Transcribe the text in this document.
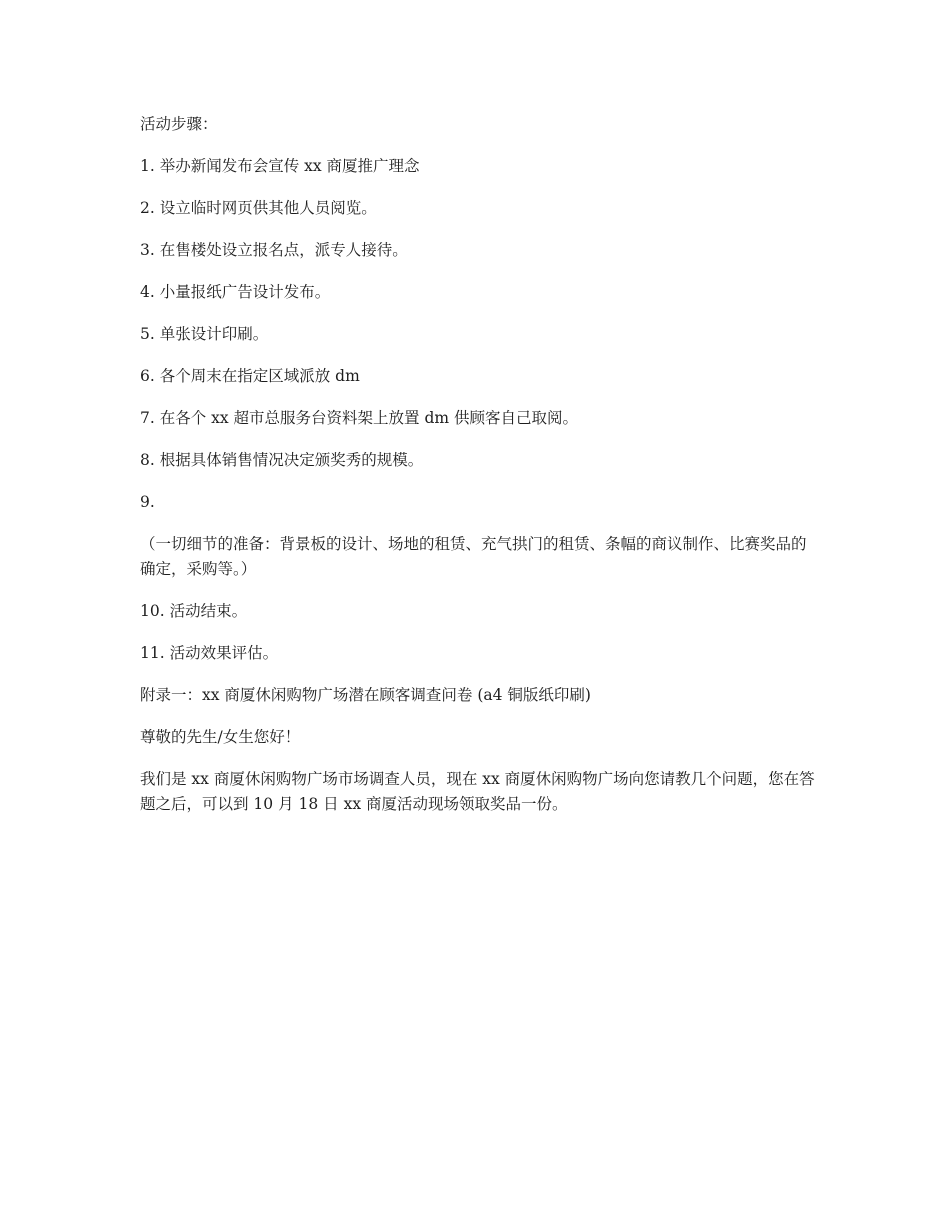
活动步骤：

1. 举办新闻发布会宣传 xx 商厦推广理念

2. 设立临时网页供其他人员阅览。

3. 在售楼处设立报名点，派专人接待。

4. 小量报纸广告设计发布。

5. 单张设计印刷。

6. 各个周末在指定区域派放 dm

7. 在各个 xx 超市总服务台资料架上放置 dm 供顾客自己取阅。

8. 根据具体销售情况决定颁奖秀的规模。

9.

（一切细节的准备：背景板的设计、场地的租赁、充气拱门的租赁、条幅的商议制作、比赛奖品的确定，采购等。）

10. 活动结束。

11. 活动效果评估。

附录一：xx 商厦休闲购物广场潜在顾客调查问卷 (a4 铜版纸印刷)

尊敬的先生/女生您好！

我们是 xx 商厦休闲购物广场市场调查人员，现在 xx 商厦休闲购物广场向您请教几个问题，您在答题之后，可以到 10 月 18 日 xx 商厦活动现场领取奖品一份。
